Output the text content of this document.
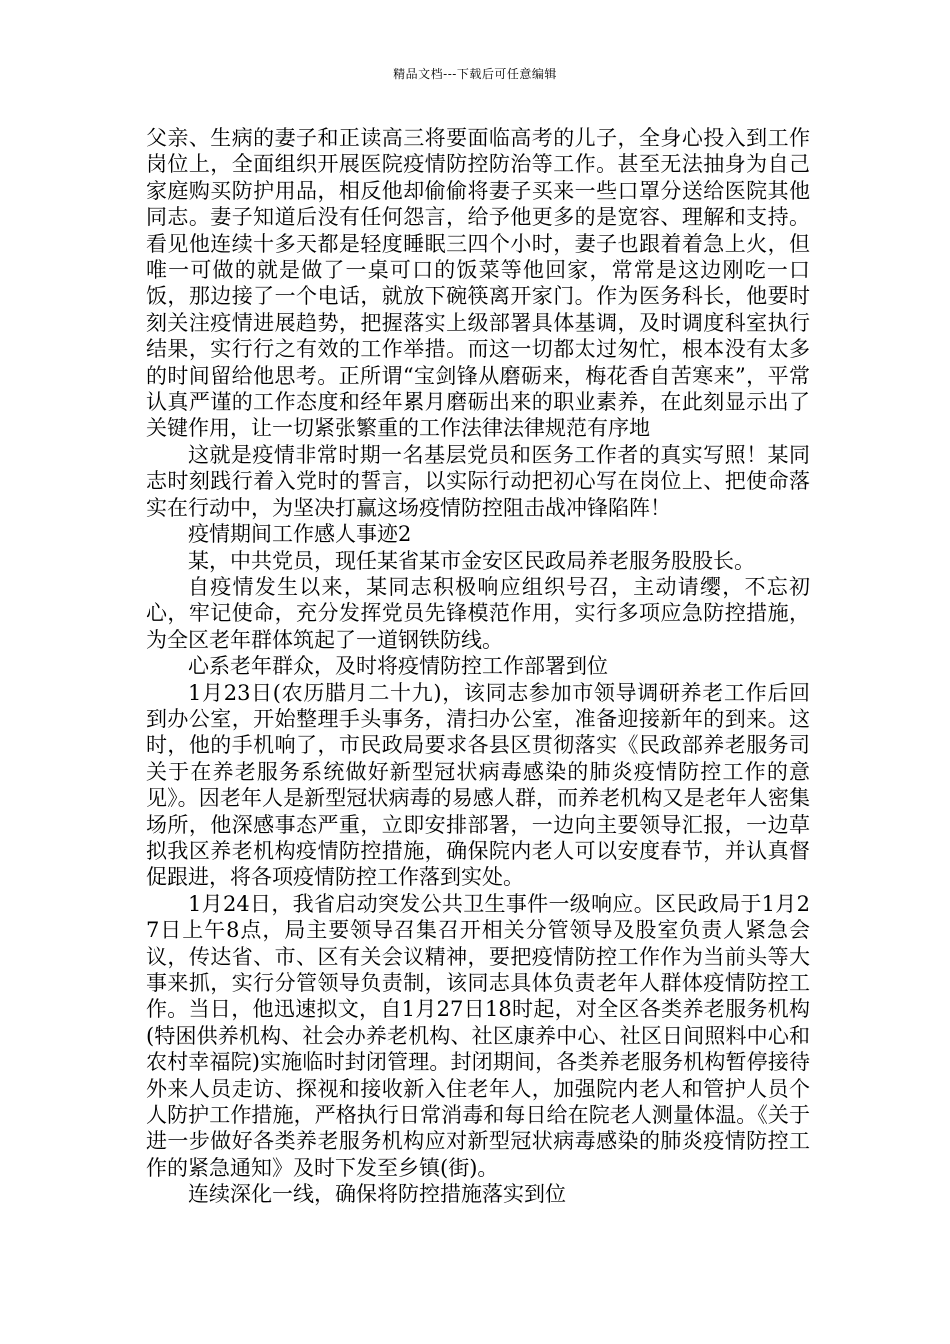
精品文档---下载后可任意编辑

父亲、生病的妻子和正读高三将要面临高考的儿子，全身心投入到工作岗位上，全面组织开展医院疫情防控防治等工作。甚至无法抽身为自己家庭购买防护用品，相反他却偷偷将妻子买来一些口罩分送给医院其他同志。妻子知道后没有任何怨言，给予他更多的是宽容、理解和支持。看见他连续十多天都是轻度睡眠三四个小时，妻子也跟着着急上火，但唯一可做的就是做了一桌可口的饭菜等他回家，常常是这边刚吃一口饭，那边接了一个电话，就放下碗筷离开家门。作为医务科长，他要时刻关注疫情进展趋势，把握落实上级部署具体基调，及时调度科室执行结果，实行行之有效的工作举措。而这一切都太过匆忙，根本没有太多的时间留给他思考。正所谓“宝剑锋从磨砺来，梅花香自苦寒来”，平常认真严谨的工作态度和经年累月磨砺出来的职业素养，在此刻显示出了关键作用，让一切紧张繁重的工作法律法律规范有序地

这就是疫情非常时期一名基层党员和医务工作者的真实写照！某同志时刻践行着入党时的誓言，以实际行动把初心写在岗位上、把使命落实在行动中，为坚决打赢这场疫情防控阻击战冲锋陷阵！

疫情期间工作感人事迹2

某，中共党员，现任某省某市金安区民政局养老服务股股长。

自疫情发生以来，某同志积极响应组织号召，主动请缨，不忘初心，牢记使命，充分发挥党员先锋模范作用，实行多项应急防控措施，为全区老年群体筑起了一道钢铁防线。

心系老年群众，及时将疫情防控工作部署到位

1月23日(农历腊月二十九)，该同志参加市领导调研养老工作后回到办公室，开始整理手头事务，清扫办公室，准备迎接新年的到来。这时，他的手机响了，市民政局要求各县区贯彻落实《民政部养老服务司关于在养老服务系统做好新型冠状病毒感染的肺炎疫情防控工作的意见》。因老年人是新型冠状病毒的易感人群，而养老机构又是老年人密集场所，他深感事态严重，立即安排部署，一边向主要领导汇报，一边草拟我区养老机构疫情防控措施，确保院内老人可以安度春节，并认真督促跟进，将各项疫情防控工作落到实处。

1月24日，我省启动突发公共卫生事件一级响应。区民政局于1月27日上午8点，局主要领导召集召开相关分管领导及股室负责人紧急会议，传达省、市、区有关会议精神，要把疫情防控工作作为当前头等大事来抓，实行分管领导负责制，该同志具体负责老年人群体疫情防控工作。当日，他迅速拟文，自1月27日18时起，对全区各类养老服务机构(特困供养机构、社会办养老机构、社区康养中心、社区日间照料中心和农村幸福院)实施临时封闭管理。封闭期间，各类养老服务机构暂停接待外来人员走访、探视和接收新入住老年人，加强院内老人和管护人员个人防护工作措施，严格执行日常消毒和每日给在院老人测量体温。《关于进一步做好各类养老服务机构应对新型冠状病毒感染的肺炎疫情防控工作的紧急通知》及时下发至乡镇(街)。

连续深化一线，确保将防控措施落实到位
